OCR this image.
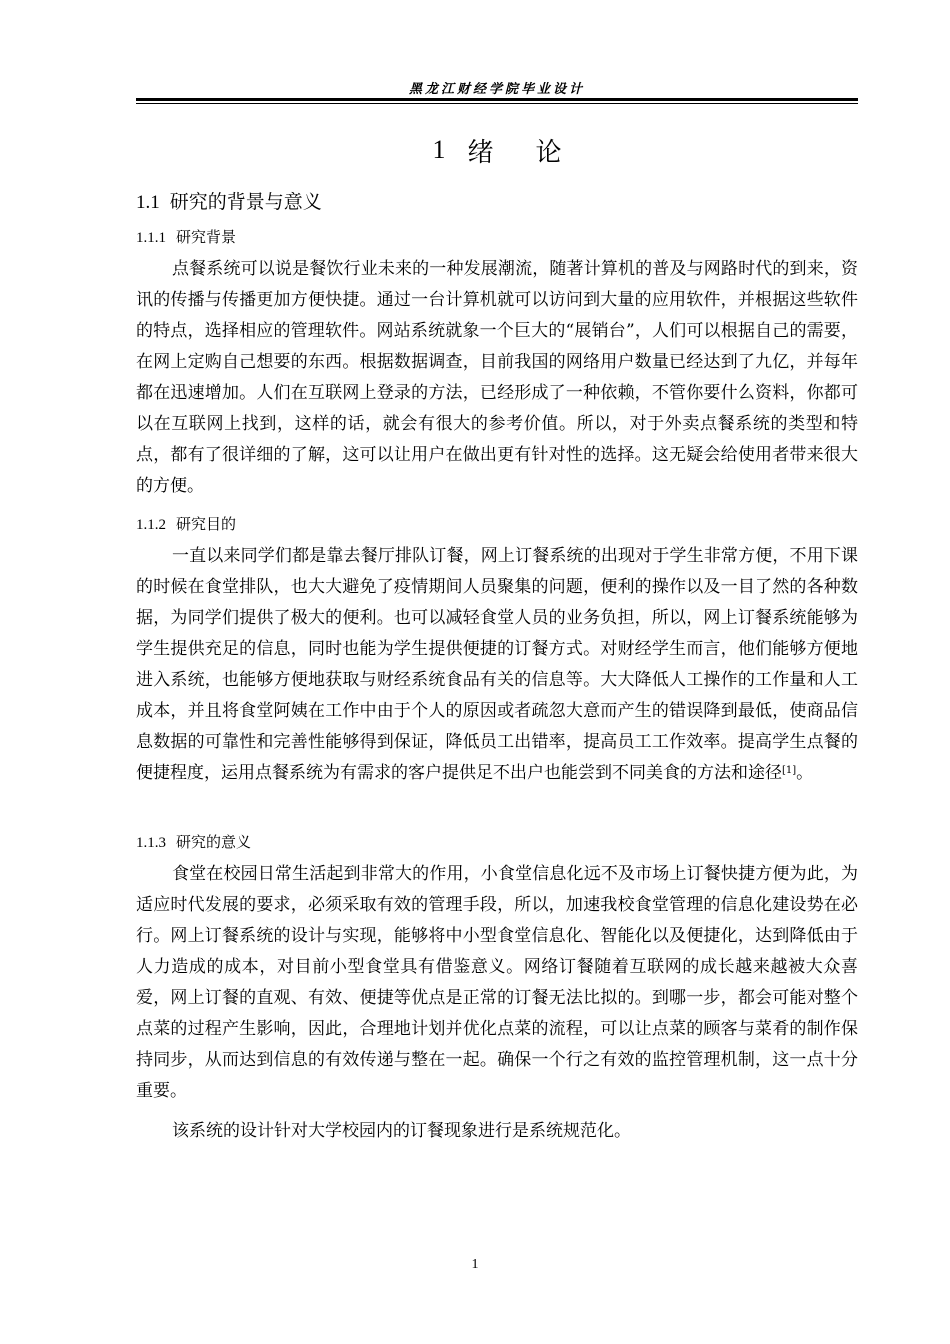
黑龙江财经学院毕业设计
1 绪 论
1.1 研究的背景与意义
1.1.1 研究背景

点餐系统可以说是餐饮行业未来的一种发展潮流，随著计算机的普及与网路时代的到来，资讯的传播与传播更加方便快捷。通过一台计算机就可以访问到大量的应用软件，并根据这些软件的特点，选择相应的管理软件。网站系统就象一个巨大的“展销台”，人们可以根据自己的需要，在网上定购自己想要的东西。根据数据调查，目前我国的网络用户数量已经达到了九亿，并每年都在迅速增加。人们在互联网上登录的方法，已经形成了一种依赖，不管你要什么资料，你都可以在互联网上找到，这样的话，就会有很大的参考价值。所以，对于外卖点餐系统的类型和特点，都有了很详细的了解，这可以让用户在做出更有针对性的选择。这无疑会给使用者带来很大的方便。

1.1.2 研究目的

一直以来同学们都是靠去餐厅排队订餐，网上订餐系统的出现对于学生非常方便，不用下课的时候在食堂排队，也大大避免了疫情期间人员聚集的问题，便利的操作以及一目了然的各种数据，为同学们提供了极大的便利。也可以减轻食堂人员的业务负担，所以，网上订餐系统能够为学生提供充足的信息，同时也能为学生提供便捷的订餐方式。对财经学生而言，他们能够方便地进入系统，也能够方便地获取与财经系统食品有关的信息等。大大降低人工操作的工作量和人工成本，并且将食堂阿姨在工作中由于个人的原因或者疏忽大意而产生的错误降到最低，使商品信息数据的可靠性和完善性能够得到保证，降低员工出错率，提高员工工作效率。提高学生点餐的便捷程度，运用点餐系统为有需求的客户提供足不出户也能尝到不同美食的方法和途径[1]。

1.1.3 研究的意义

食堂在校园日常生活起到非常大的作用，小食堂信息化远不及市场上订餐快捷方便为此，为适应时代发展的要求，必须采取有效的管理手段，所以，加速我校食堂管理的信息化建设势在必行。网上订餐系统的设计与实现，能够将中小型食堂信息化、智能化以及便捷化，达到降低由于人力造成的成本，对目前小型食堂具有借鉴意义。网络订餐随着互联网的成长越来越被大众喜爱，网上订餐的直观、有效、便捷等优点是正常的订餐无法比拟的。到哪一步，都会可能对整个点菜的过程产生影响，因此，合理地计划并优化点菜的流程，可以让点菜的顾客与菜肴的制作保持同步，从而达到信息的有效传递与整在一起。确保一个行之有效的监控管理机制，这一点十分重要。

该系统的设计针对大学校园内的订餐现象进行是系统规范化。

1
